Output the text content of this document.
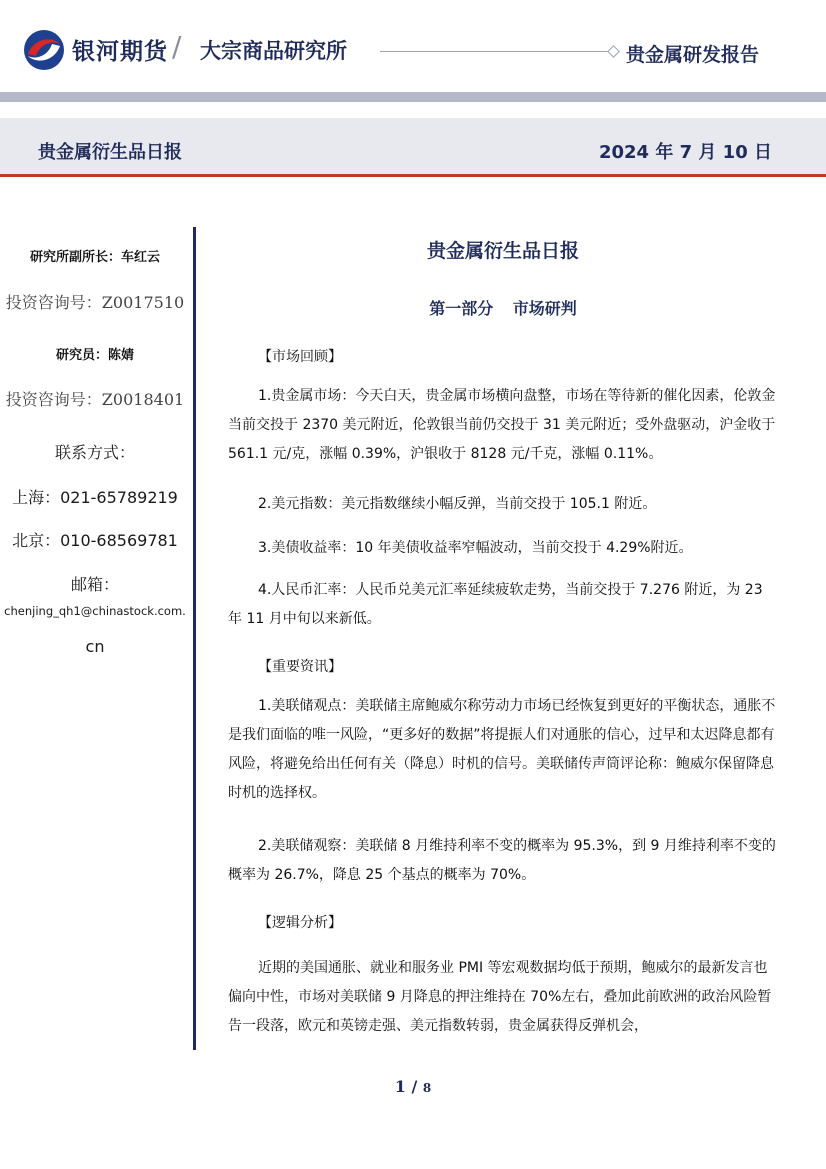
银河期货 / 大宗商品研究所	贵金属研发报告
贵金属衍生品日报	2024 年 7 月 10 日
研究所副所长：车红云
投资咨询号：Z0017510
研究员：陈婧
投资咨询号：Z0018401
联系方式：
上海：021-65789219
北京：010-68569781
邮箱：
chenjing_qh1@chinastock.com.
cn
贵金属衍生品日报
第一部分 市场研判
【市场回顾】
1.贵金属市场：今天白天，贵金属市场横向盘整，市场在等待新的催化因素，伦敦金当前交投于 2370 美元附近，伦敦银当前仍交投于 31 美元附近；受外盘驱动，沪金收于 561.1 元/克，涨幅 0.39%，沪银收于 8128 元/千克，涨幅 0.11%。
2.美元指数：美元指数继续小幅反弹，当前交投于 105.1 附近。
3.美债收益率：10 年美债收益率窄幅波动，当前交投于 4.29%附近。
4.人民币汇率：人民币兑美元汇率延续疲软走势，当前交投于 7.276 附近，为 23 年 11 月中旬以来新低。
【重要资讯】
1.美联储观点：美联储主席鲍威尔称劳动力市场已经恢复到更好的平衡状态，通胀不是我们面临的唯一风险，“更多好的数据”将提振人们对通胀的信心，过早和太迟降息都有风险，将避免给出任何有关（降息）时机的信号。美联储传声筒评论称：鲍威尔保留降息时机的选择权。
2.美联储观察：美联储 8 月维持利率不变的概率为 95.3%，到 9 月维持利率不变的概率为 26.7%，降息 25 个基点的概率为 70%。
【逻辑分析】
近期的美国通胀、就业和服务业 PMI 等宏观数据均低于预期，鲍威尔的最新发言也偏向中性，市场对美联储 9 月降息的押注维持在 70%左右，叠加此前欧洲的政治风险暂告一段落，欧元和英镑走强、美元指数转弱，贵金属获得反弹机会，
1 / 8
